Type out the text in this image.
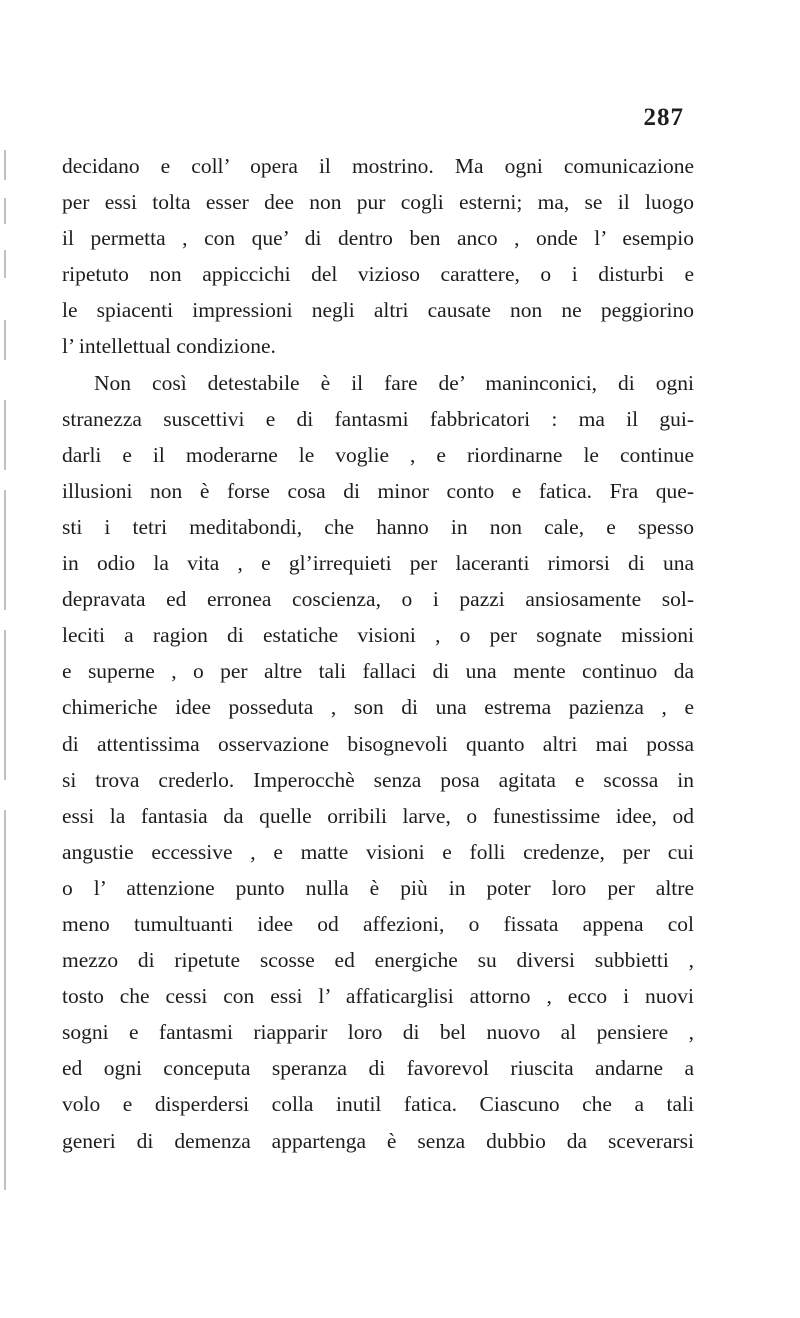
287
decidano e coll’ opera il mostrino. Ma ogni comunicazione
per essi tolta esser dee non pur cogli esterni; ma, se il luogo
il permetta , con que’ di dentro ben anco , onde l’ esempio
ripetuto non appiccichi del vizioso carattere, o i disturbi e
le spiacenti impressioni negli altri causate non ne peggiorino
l’ intellettual condizione.
Non così detestabile è il fare de’ maninconici, di ogni
stranezza suscettivi e di fantasmi fabbricatori : ma il gui-
darli e il moderarne le voglie , e riordinarne le continue
illusioni non è forse cosa di minor conto e fatica. Fra que-
sti i tetri meditabondi, che hanno in non cale, e spesso
in odio la vita , e gl’irrequieti per laceranti rimorsi di una
depravata ed erronea coscienza, o i pazzi ansiosamente sol-
leciti a ragion di estatiche visioni , o per sognate missioni
e superne , o per altre tali fallaci di una mente continuo da
chimeriche idee posseduta , son di una estrema pazienza , e
di attentissima osservazione bisognevoli quanto altri mai possa
si trova crederlo. Imperocchè senza posa agitata e scossa in
essi la fantasia da quelle orribili larve, o funestissime idee, od
angustie eccessive , e matte visioni e folli credenze, per cui
o l’ attenzione punto nulla è più in poter loro per altre
meno tumultuanti idee od affezioni, o fissata appena col
mezzo di ripetute scosse ed energiche su diversi subbietti ,
tosto che cessi con essi l’ affaticarglisi attorno , ecco i nuovi
sogni e fantasmi riapparir loro di bel nuovo al pensiere ,
ed ogni conceputa speranza di favorevol riuscita andarne a
volo e disperdersi colla inutil fatica. Ciascuno che a tali
generi di demenza appartenga è senza dubbio da sceverarsi
